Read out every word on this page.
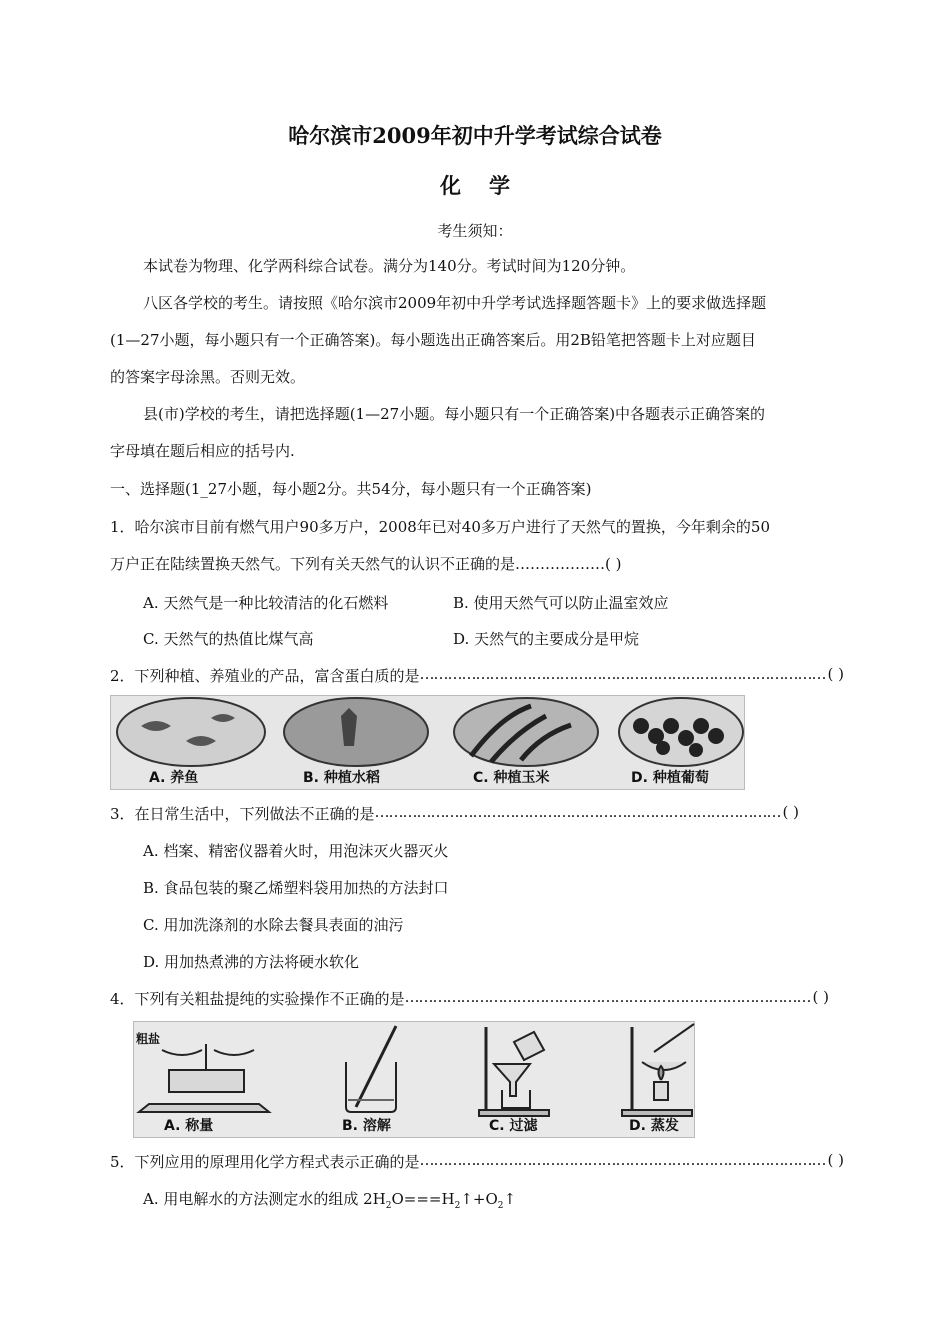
哈尔滨市2009年初中升学考试综合试卷
化学
考生须知：
本试卷为物理、化学两科综合试卷。满分为140分。考试时间为120分钟。
八区各学校的考生。请按照《哈尔滨市2009年初中升学考试选择题答题卡》上的要求做选择题
(1—27小题，每小题只有一个正确答案)。每小题选出正确答案后。用2B铅笔把答题卡上对应题目
的答案字母涂黑。否则无效。
县(市)学校的考生，请把选择题(1—27小题。每小题只有一个正确答案)中各题表示正确答案的
字母填在题后相应的括号内.
一、选择题(1_27小题，每小题2分。共54分，每小题只有一个正确答案)
1．哈尔滨市目前有燃气用户90多万户，2008年已对40多万户进行了天然气的置换，今年剩余的50
万户正在陆续置换天然气。下列有关天然气的认识不正确的是………………( )
A. 天然气是一种比较清洁的化石燃料	B. 使用天然气可以防止温室效应
C. 天然气的热值比煤气高	D. 天然气的主要成分是甲烷
2．下列种植、养殖业的产品，富含蛋白质的是 …………………………………………………………………………… ( )
A. 养鱼	B. 种植水稻	C. 种植玉米	D. 种植葡萄
3．在日常生活中，下列做法不正确的是 …………………………………………………………………………… ( )
A. 档案、精密仪器着火时，用泡沫灭火器灭火
B. 食品包装的聚乙烯塑料袋用加热的方法封口
C. 用加洗涤剂的水除去餐具表面的油污
D. 用加热煮沸的方法将硬水软化
4．下列有关粗盐提纯的实验操作不正确的是 …………………………………………………………………………… ( )
粗盐
A. 称量	B. 溶解	C. 过滤	D. 蒸发
5．下列应用的原理用化学方程式表示正确的是 …………………………………………………………………………… ( )
A. 用电解水的方法测定水的组成 $2H_2O===H_2↑+O_2↑$
